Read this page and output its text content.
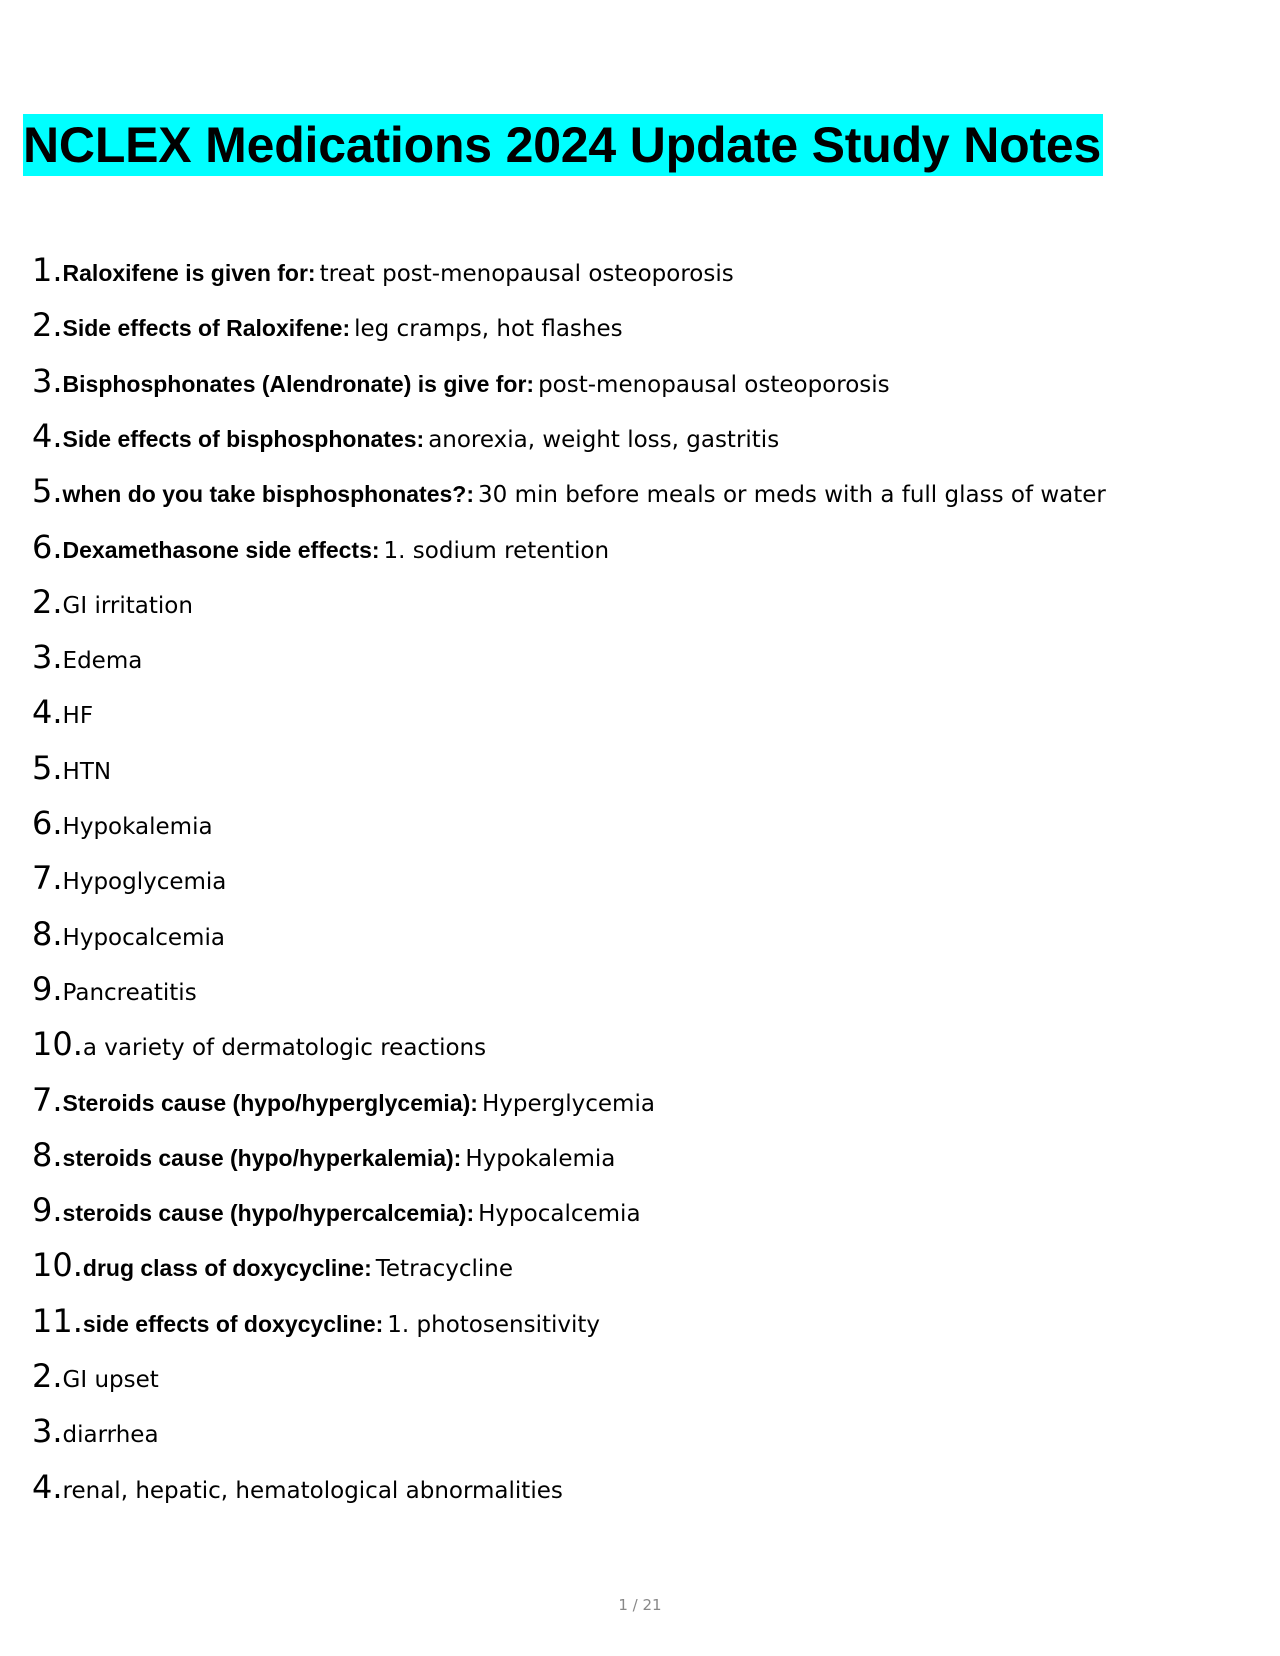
NCLEX Medications 2024 Update Study Notes
1.Raloxifene is given for: treat post-menopausal osteoporosis
2.Side effects of Raloxifene: leg cramps, hot flashes
3.Bisphosphonates (Alendronate) is give for: post-menopausal osteoporosis
4.Side effects of bisphosphonates: anorexia, weight loss, gastritis
5.when do you take bisphosphonates?: 30 min before meals or meds with a full glass of water
6.Dexamethasone side effects: 1. sodium retention
2.GI irritation
3.Edema
4.HF
5.HTN
6.Hypokalemia
7.Hypoglycemia
8.Hypocalcemia
9.Pancreatitis
10.a variety of dermatologic reactions
7.Steroids cause (hypo/hyperglycemia): Hyperglycemia
8.steroids cause (hypo/hyperkalemia): Hypokalemia
9.steroids cause (hypo/hypercalcemia): Hypocalcemia
10.drug class of doxycycline: Tetracycline
11.side effects of doxycycline: 1. photosensitivity
2.GI upset
3.diarrhea
4.renal, hepatic, hematological abnormalities
1 / 21
